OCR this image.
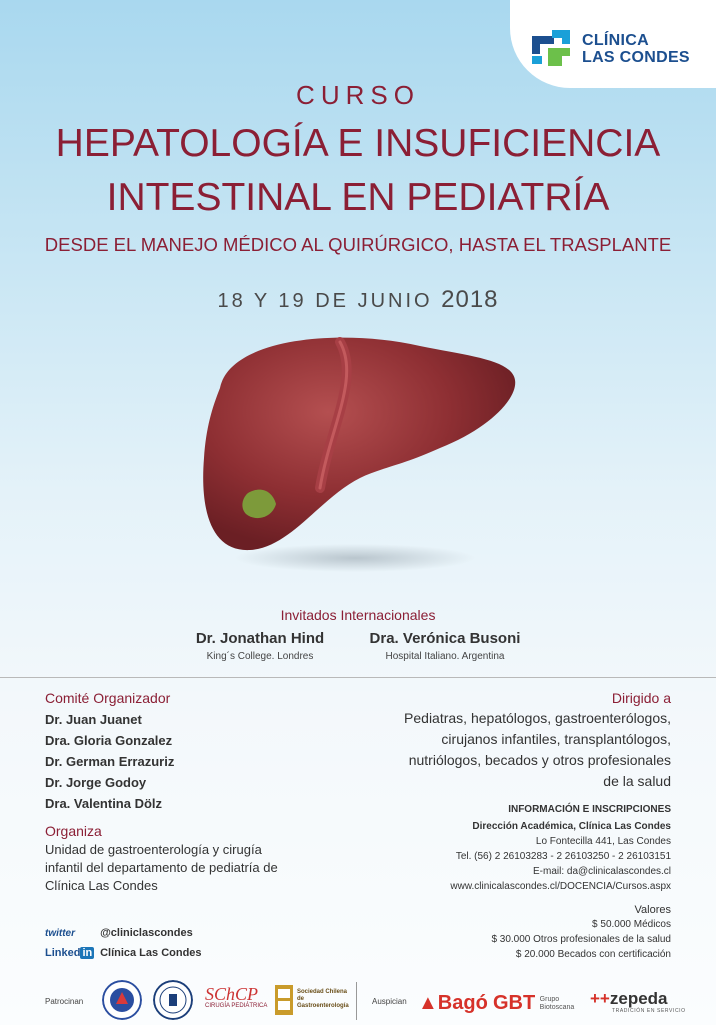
CLÍNICA
LAS CONDES
CURSO
HEPATOLOGÍA E INSUFICIENCIA
INTESTINAL EN PEDIATRÍA
DESDE EL MANEJO MÉDICO AL QUIRÚRGICO, HASTA EL TRASPLANTE
18 Y 19 DE JUNIO 2018
Invitados Internacionales
Dr. Jonathan Hind
King´s College. Londres
Dra. Verónica Busoni
Hospital Italiano. Argentina
Comité Organizador
Dr. Juan Juanet
Dra. Gloria Gonzalez
Dr. German Errazuriz
Dr. Jorge Godoy
Dra. Valentina Dölz
Organiza
Unidad de gastroenterología y cirugía
infantil del departamento de pediatría de
Clínica Las Condes
Dirigido a
Pediatras, hepatólogos, gastroenterólogos,
cirujanos infantiles, transplantólogos,
nutriólogos, becados y otros profesionales
de la salud
INFORMACIÓN E INSCRIPCIONES
Dirección Académica, Clínica Las Condes
Lo Fontecilla 441, Las Condes
Tel. (56) 2 26103283 - 2 26103250 - 2 26103151
E-mail: da@clinicalascondes.cl
www.clinicalascondes.cl/DOCENCIA/Cursos.aspx
Valores
$ 50.000 Médicos
$ 30.000 Otros profesionales de la salud
$ 20.000 Becados con certificación
twitter @cliniclascondes
Linked in Clínica Las Condes
Patrocinan	SChCP
CIRUGÍA PEDIÁTRICA
Sociedad Chilena de Gastroenterología	Auspician ▲Bagó GBT Grupo Biotoscana ++zepeda
TRADICIÓN EN SERVICIO
